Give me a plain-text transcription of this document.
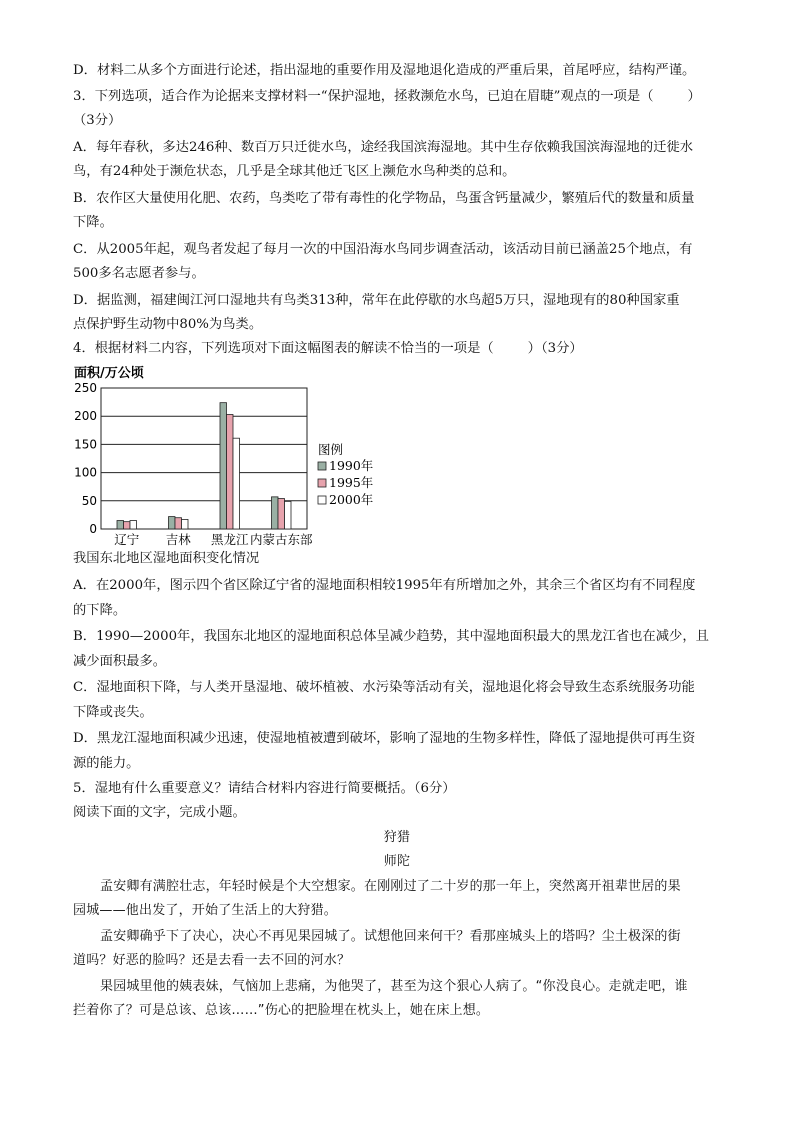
D．材料二从多个方面进行论述，指出湿地的重要作用及湿地退化造成的严重后果，首尾呼应，结构严谨。
3．下列选项，适合作为论据来支撑材料一“保护湿地，拯救濒危水鸟，已迫在眉睫”观点的一项是（	）
（3分）
A．每年春秋，多达246种、数百万只迁徙水鸟，途经我国滨海湿地。其中生存依赖我国滨海湿地的迁徙水
鸟，有24种处于濒危状态，几乎是全球其他迁飞区上濒危水鸟种类的总和。
B．农作区大量使用化肥、农药，鸟类吃了带有毒性的化学物品，鸟蛋含钙量减少，繁殖后代的数量和质量
下降。
C．从2005年起，观鸟者发起了每月一次的中国沿海水鸟同步调查活动，该活动目前已涵盖25个地点，有
500多名志愿者参与。
D．据监测，福建闽江河口湿地共有鸟类313种，常年在此停歇的水鸟超5万只，湿地现有的80种国家重
点保护野生动物中80%为鸟类。
4．根据材料二内容，下列选项对下面这幅图表的解读不恰当的一项是（	）（3分）
面积/万公顷
0
50
100
150
200
250
辽宁 吉林 黑龙江 内蒙古东部
图例
1990年
1995年
2000年
我国东北地区湿地面积变化情况
A．在2000年，图示四个省区除辽宁省的湿地面积相较1995年有所增加之外，其余三个省区均有不同程度
的下降。
B．1990—2000年，我国东北地区的湿地面积总体呈减少趋势，其中湿地面积最大的黑龙江省也在减少，且
减少面积最多。
C．湿地面积下降，与人类开垦湿地、破坏植被、水污染等活动有关，湿地退化将会导致生态系统服务功能
下降或丧失。
D．黑龙江湿地面积减少迅速，使湿地植被遭到破坏，影响了湿地的生物多样性，降低了湿地提供可再生资
源的能力。
5．湿地有什么重要意义？请结合材料内容进行简要概括。（6分）
阅读下面的文字，完成小题。
狩猎
师陀
孟安卿有满腔壮志，年轻时候是个大空想家。在刚刚过了二十岁的那一年上，突然离开祖辈世居的果
园城——他出发了，开始了生活上的大狩猎。
孟安卿确乎下了决心，决心不再见果园城了。试想他回来何干？看那座城头上的塔吗？尘土极深的街
道吗？好恶的脸吗？还是去看一去不回的河水？
果园城里他的姨表妹，气恼加上悲痛，为他哭了，甚至为这个狠心人病了。“你没良心。走就走吧，谁
拦着你了？可是总该、总该……”伤心的把脸埋在枕头上，她在床上想。
